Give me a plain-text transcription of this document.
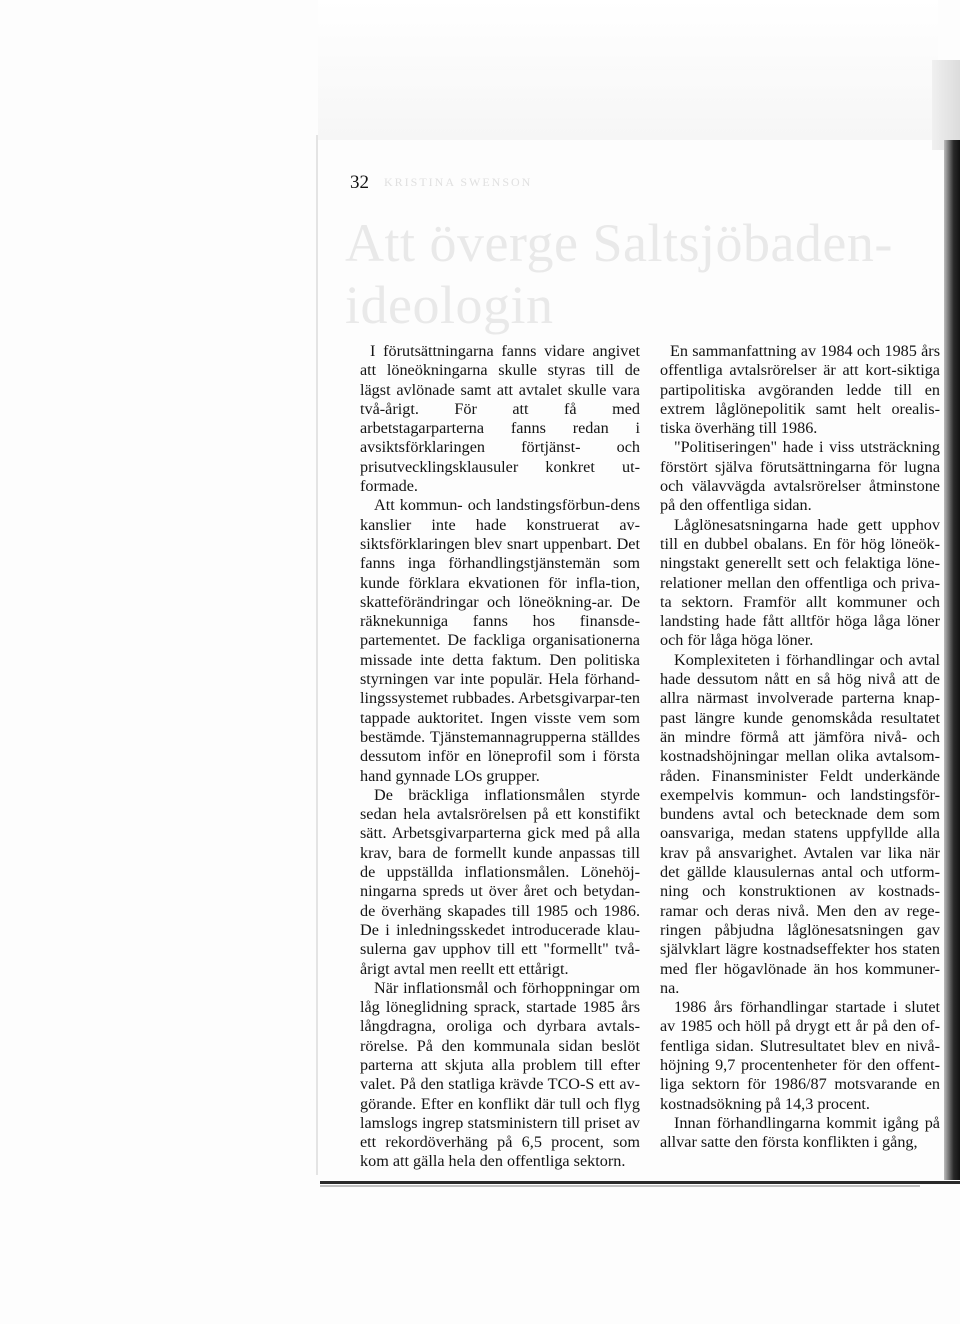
KRISTINA SWENSON
32
Att överge Saltsjöbaden-
ideologin

I förutsättningarna fanns vidare angivet att löneökningarna skulle styras till de lägst avlönade samt att avtalet skulle vara två-årigt. För att få med arbetstagarparterna fanns redan i avsiktsförklaringen förtjänst- och prisutvecklingsklausuler konkret ut-formade.

Att kommun- och landstingsförbun-dens kanslier inte hade konstruerat av-siktsförklaringen blev snart uppenbart. Det fanns inga förhandlingstjänstemän som kunde förklara ekvationen för infla-tion, skatteförändringar och löneökning-ar. De räknekunniga fanns hos finansde-partementet. De fackliga organisationerna missade inte detta faktum. Den politiska styrningen var inte populär. Hela förhand-lingssystemet rubbades. Arbetsgivarpar-ten tappade auktoritet. Ingen visste vem som bestämde. Tjänstemannagrupperna ställdes dessutom inför en löneprofil som i första hand gynnade LOs grupper.

De bräckliga inflationsmålen styrde sedan hela avtalsrörelsen på ett konstifikt sätt. Arbetsgivarparterna gick med på alla krav, bara de formellt kunde anpassas till de uppställda inflationsmålen. Lönehöj-ningarna spreds ut över året och betydan-de överhäng skapades till 1985 och 1986. De i inledningsskedet introducerade klau-sulerna gav upphov till ett "formellt" två-årigt avtal men reellt ett ettårigt.

När inflationsmål och förhoppningar om låg löneglidning sprack, startade 1985 års långdragna, oroliga och dyrbara avtals-rörelse. På den kommunala sidan beslöt parterna att skjuta alla problem till efter valet. På den statliga krävde TCO-S ett av-görande. Efter en konflikt där tull och flyg lamslogs ingrep statsministern till priset av ett rekordöverhäng på 6,5 procent, som kom att gälla hela den offentliga sektorn.

En sammanfattning av 1984 och 1985 års offentliga avtalsrörelser är att kort-siktiga partipolitiska avgöranden ledde till en extrem låglönepolitik samt helt orealis-tiska överhäng till 1986.

"Politiseringen" hade i viss utsträckning förstört själva förutsättningarna för lugna och välavvägda avtalsrörelser åtminstone på den offentliga sidan.

Låglönesatsningarna hade gett upphov till en dubbel obalans. En för hög löneök-ningstakt generellt sett och felaktiga löne-relationer mellan den offentliga och priva-ta sektorn. Framför allt kommuner och landsting hade fått alltför höga låga löner och för låga höga löner.

Komplexiteten i förhandlingar och avtal hade dessutom nått en så hög nivå att de allra närmast involverade parterna knap-past längre kunde genomskåda resultatet än mindre förmå att jämföra nivå- och kostnadshöjningar mellan olika avtalsom-råden. Finansminister Feldt underkände exempelvis kommun- och landstingsför-bundens avtal och betecknade dem som oansvariga, medan statens uppfyllde alla krav på ansvarighet. Avtalen var lika när det gällde klausulernas antal och utform-ning och konstruktionen av kostnads-ramar och deras nivå. Men den av rege-ringen påbjudna låglönesatsningen gav självklart lägre kostnadseffekter hos staten med fler högavlönade än hos kommuner-na.

1986 års förhandlingar startade i slutet av 1985 och höll på drygt ett år på den of-fentliga sidan. Slutresultatet blev en nivå-höjning 9,7 procentenheter för den offent-liga sektorn för 1986/87 motsvarande en kostnadsökning på 14,3 procent.

Innan förhandlingarna kommit igång på allvar satte den första konflikten i gång,
